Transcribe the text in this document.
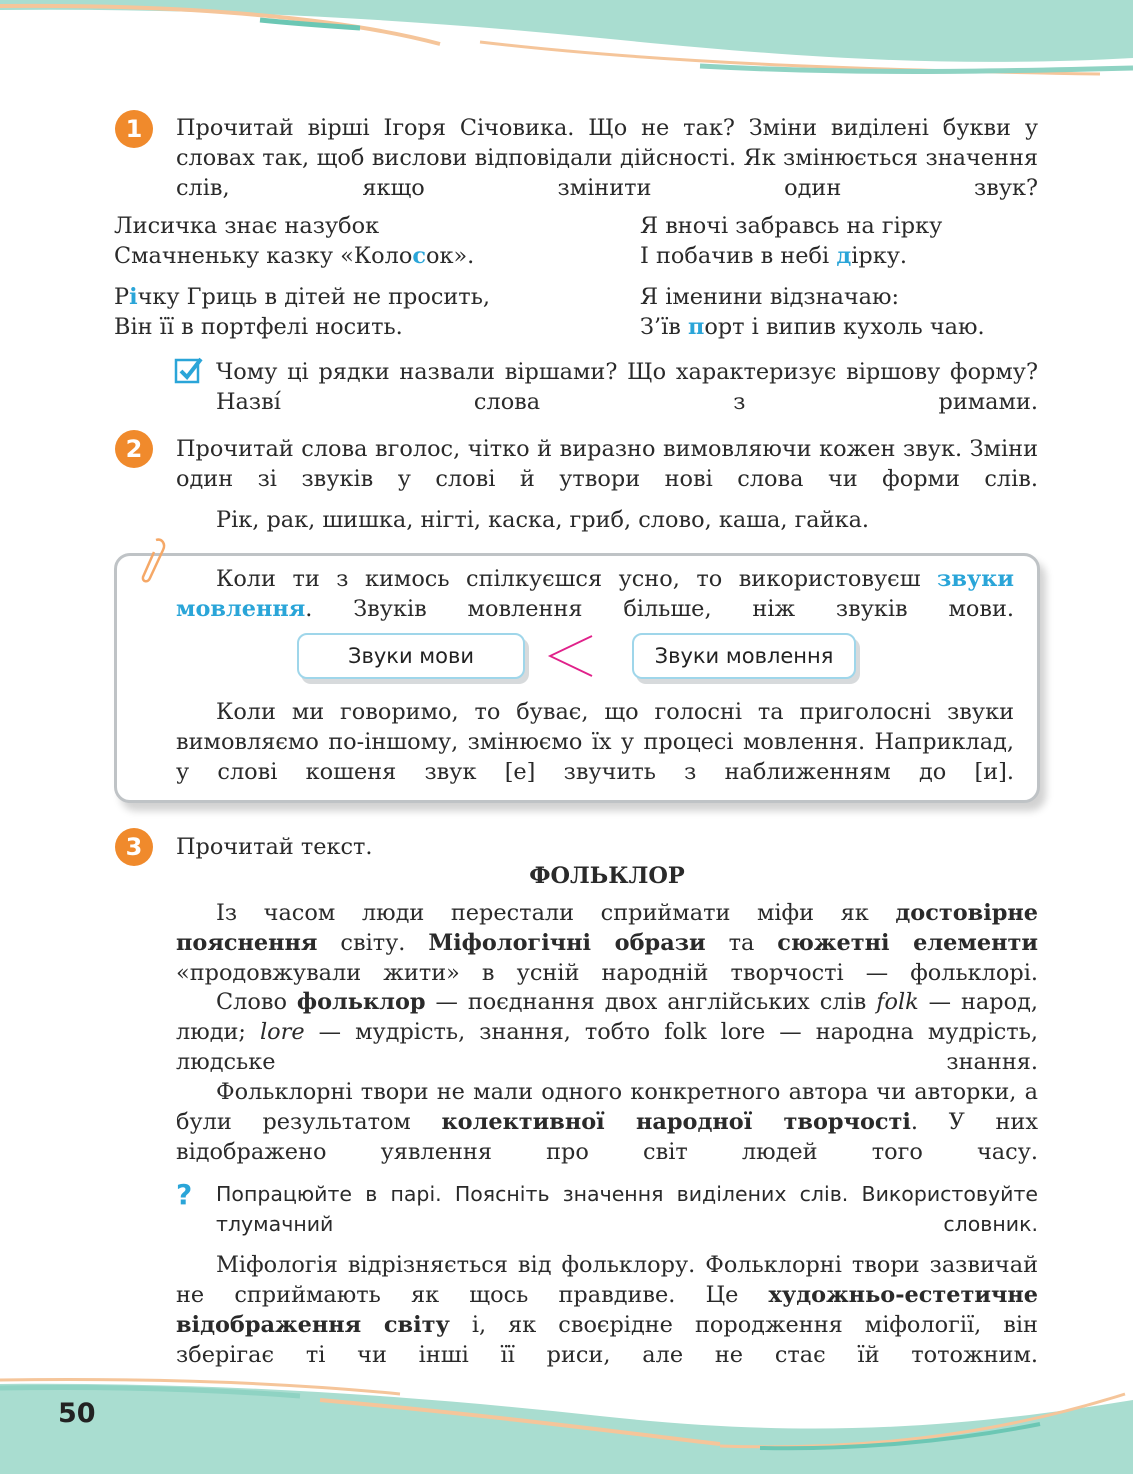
1	Прочитай вірші Ігоря Січовика. Що не так? Зміни виділені букви у словах так, щоб вислови відповідали дійсності. Як змінюється значення слів, якщо змінити один звук?

Лисичка знає назубок
Смачненьку казку «Колосок».
Я вночі забравсь на гірку
І побачив в небі дірку.
Річку Гриць в дітей не просить,
Він її в портфелі носить.
Я іменини відзначаю:
З’їв порт і випив кухоль чаю.

Чому ці рядки назвали віршами? Що характеризує віршову форму? Назві́ слова з римами.

2	Прочитай слова вголос, чітко й виразно вимовляючи кожен звук. Зміни один зі звуків у слові й утвори нові слова чи форми слів.

Рік, рак, шишка, нігті, каска, гриб, слово, каша, гайка.

Коли ти з кимось спілкуєшся усно, то використовуєш звуки мовлення. Звуків мовлення більше, ніж звуків мови.

Звуки мови	Звуки мовлення

Коли ми говоримо, то буває, що голосні та приголосні звуки вимовляємо по-іншому, змінюємо їх у процесі мовлення. Наприклад, у слові кошеня звук [е] звучить з наближенням до [и].

3	Прочитай текст.
ФОЛЬКЛОР

Із часом люди перестали сприймати міфи як достовірне пояснення світу. Міфологічні образи та сюжетні елементи «продовжували жити» в усній народній творчості — фольклорі.

Слово фольклор — поєднання двох англійських слів folk — народ, люди; lore — мудрість, знання, тобто folk lore — народна мудрість, людське знання.

Фольклорні твори не мали одного конкретного автора чи авторки, а були результатом колективної народної творчості. У них відображено уявлення про світ людей того часу.

?	Попрацюйте в парі. Поясніть значення виділених слів. Використовуйте тлумачний словник.

Міфологія відрізняється від фольклору. Фольклорні твори зазвичай не сприймають як щось правдиве. Це художньо-естетичне відображення світу і, як своєрідне породження міфології, він зберігає ті чи інші її риси, але не стає їй тотожним.

50
